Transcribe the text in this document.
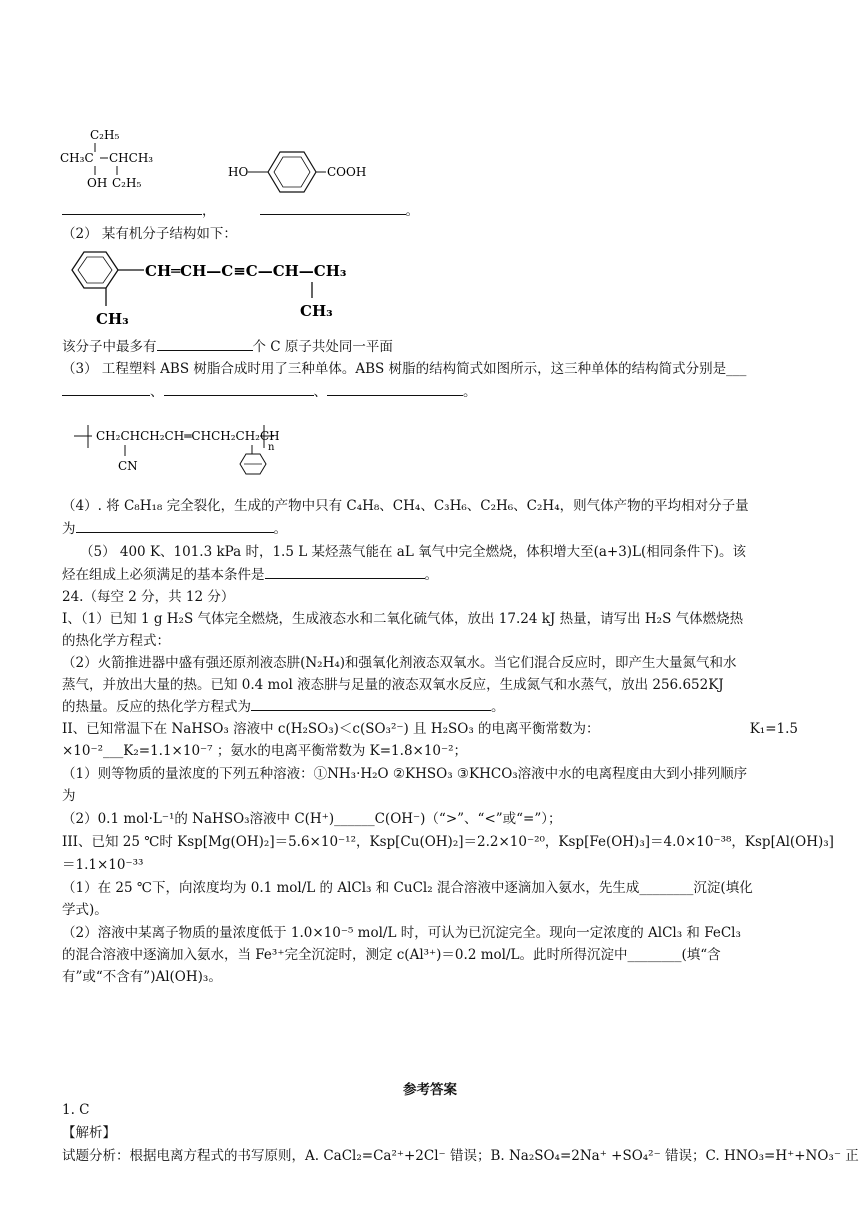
C₂H₅
CH₃C CHCH₃
OH C₂H₅
HO	COOH
，	。
（2） 某有机分子结构如下：
CH₃
CH═CH—C≡C—CH—CH₃
CH₃
该分子中最多有	个 C 原子共处同一平面
（3） 工程塑料 ABS 树脂合成时用了三种单体。ABS 树脂的结构简式如图所示，这三种单体的结构简式分别是___
、	、	。
CH₂CHCH₂CH═CHCH₂CH₂CH
n
CN
（4）. 将 C₈H₁₈ 完全裂化，生成的产物中只有 C₄H₈、CH₄、C₃H₆、C₂H₆、C₂H₄，则气体产物的平均相对分子量
为	。
（5） 400 K、101.3 kPa 时，1.5 L 某烃蒸气能在 aL 氧气中完全燃烧，体积增大至(a+3)L(相同条件下)。该
烃在组成上必须满足的基本条件是	。
24.（每空 2 分，共 12 分）
I、（1）已知 1 g H₂S 气体完全燃烧，生成液态水和二氧化硫气体，放出 17.24 kJ 热量，请写出 H₂S 气体燃烧热
的热化学方程式：
（2）火箭推进器中盛有强还原剂液态肼(N₂H₄)和强氧化剂液态双氧水。当它们混合反应时，即产生大量氮气和水
蒸气，并放出大量的热。已知 0.4 mol 液态肼与足量的液态双氧水反应，生成氮气和水蒸气，放出 256.652KJ
的热量。反应的热化学方程式为	。
II、已知常温下在 NaHSO₃ 溶液中 c(H₂SO₃)＜c(SO₃²⁻) 且 H₂SO₃ 的电离平衡常数为：	K₁=1.5
×10⁻²___K₂=1.1×10⁻⁷ ；氨水的电离平衡常数为 K=1.8×10⁻²；
（1）则等物质的量浓度的下列五种溶液：①NH₃·H₂O ②KHSO₃ ③KHCO₃溶液中水的电离程度由大到小排列顺序
为
（2）0.1 mol·L⁻¹的 NaHSO₃溶液中 C(H⁺)______C(OH⁻)（“>”、“<”或“=”）；
III、已知 25 ℃时 Ksp[Mg(OH)₂]＝5.6×10⁻¹²，Ksp[Cu(OH)₂]＝2.2×10⁻²⁰，Ksp[Fe(OH)₃]＝4.0×10⁻³⁸，Ksp[Al(OH)₃]
＝1.1×10⁻³³
（1）在 25 ℃下，向浓度均为 0.1 mol/L 的 AlCl₃ 和 CuCl₂ 混合溶液中逐滴加入氨水，先生成________沉淀(填化
学式)。
（2）溶液中某离子物质的量浓度低于 1.0×10⁻⁵ mol/L 时，可认为已沉淀完全。现向一定浓度的 AlCl₃ 和 FeCl₃
的混合溶液中逐滴加入氨水，当 Fe³⁺完全沉淀时，测定 c(Al³⁺)＝0.2 mol/L。此时所得沉淀中________(填“含
有”或“不含有”)Al(OH)₃。
参考答案
1. C
【解析】
试题分析：根据电离方程式的书写原则，A. CaCl₂=Ca²⁺+2Cl⁻ 错误；B. Na₂SO₄=2Na⁺ +SO₄²⁻ 错误；C. HNO₃=H⁺+NO₃⁻ 正
